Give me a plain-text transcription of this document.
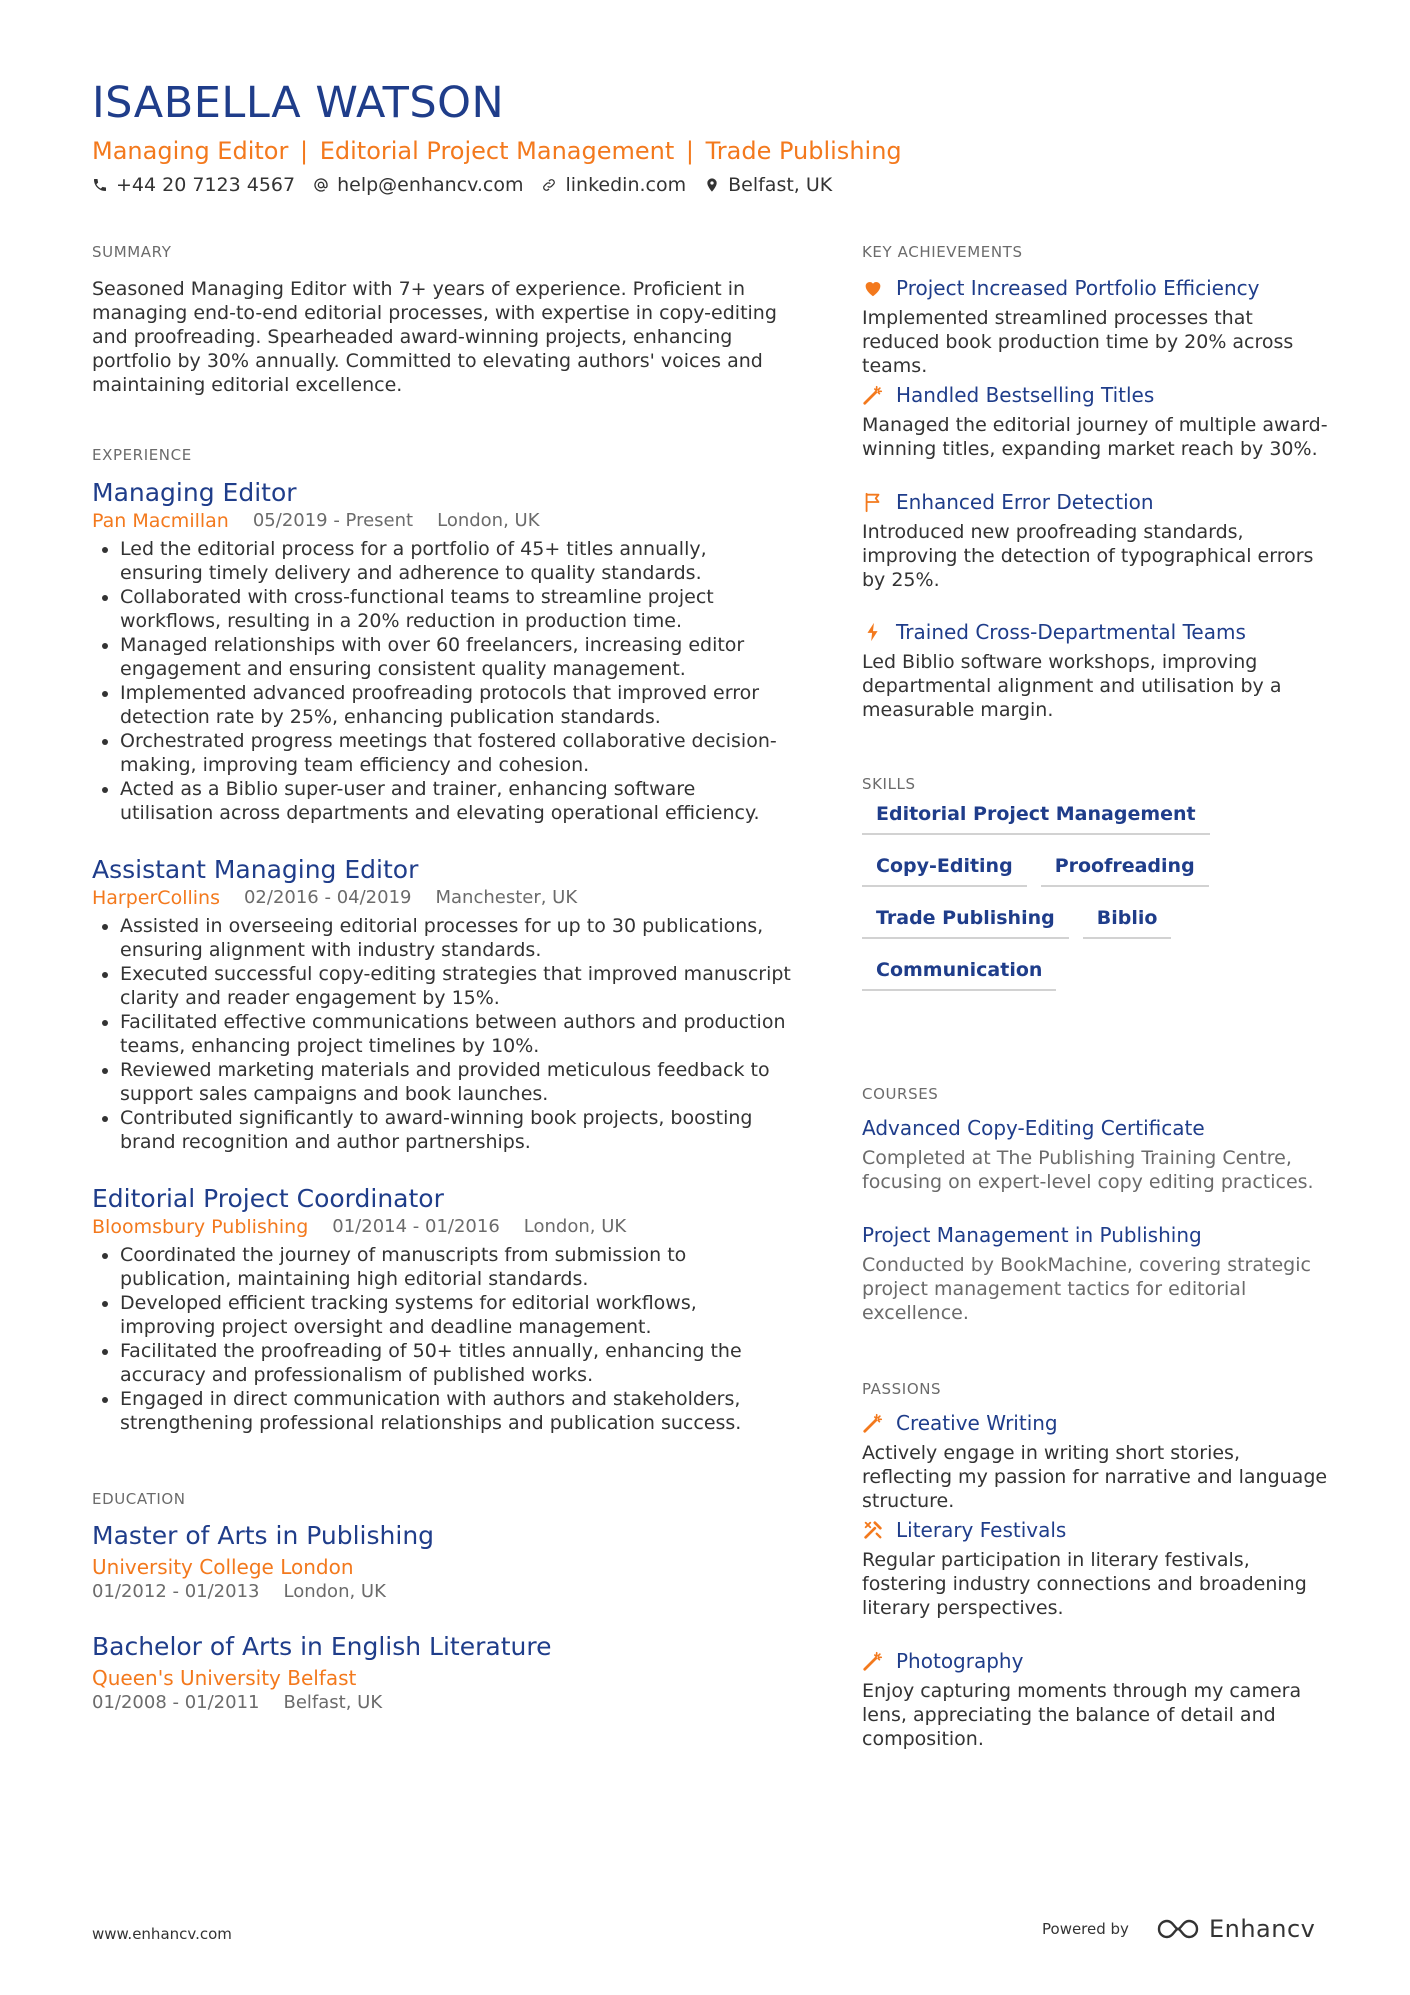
ISABELLA WATSON
Managing Editor | Editorial Project Management | Trade Publishing
+44 20 7123 4567 help@enhancv.com linkedin.com Belfast, UK
SUMMARY
Seasoned Managing Editor with 7+ years of experience. Proficient in managing end-to-end editorial processes, with expertise in copy-editing and proofreading. Spearheaded award-winning projects, enhancing portfolio by 30% annually. Committed to elevating authors' voices and maintaining editorial excellence.
EXPERIENCE
Managing Editor
Pan Macmillan 05/2019 - Present London, UK
• Led the editorial process for a portfolio of 45+ titles annually, ensuring timely delivery and adherence to quality standards.
• Collaborated with cross-functional teams to streamline project workflows, resulting in a 20% reduction in production time.
• Managed relationships with over 60 freelancers, increasing editor engagement and ensuring consistent quality management.
• Implemented advanced proofreading protocols that improved error detection rate by 25%, enhancing publication standards.
• Orchestrated progress meetings that fostered collaborative decision-making, improving team efficiency and cohesion.
• Acted as a Biblio super-user and trainer, enhancing software utilisation across departments and elevating operational efficiency.
Assistant Managing Editor
HarperCollins 02/2016 - 04/2019 Manchester, UK
• Assisted in overseeing editorial processes for up to 30 publications, ensuring alignment with industry standards.
• Executed successful copy-editing strategies that improved manuscript clarity and reader engagement by 15%.
• Facilitated effective communications between authors and production teams, enhancing project timelines by 10%.
• Reviewed marketing materials and provided meticulous feedback to support sales campaigns and book launches.
• Contributed significantly to award-winning book projects, boosting brand recognition and author partnerships.
Editorial Project Coordinator
Bloomsbury Publishing 01/2014 - 01/2016 London, UK
• Coordinated the journey of manuscripts from submission to publication, maintaining high editorial standards.
• Developed efficient tracking systems for editorial workflows, improving project oversight and deadline management.
• Facilitated the proofreading of 50+ titles annually, enhancing the accuracy and professionalism of published works.
• Engaged in direct communication with authors and stakeholders, strengthening professional relationships and publication success.
EDUCATION
Master of Arts in Publishing
University College London
01/2012 - 01/2013 London, UK
Bachelor of Arts in English Literature
Queen's University Belfast
01/2008 - 01/2011 Belfast, UK
KEY ACHIEVEMENTS
Project Increased Portfolio Efficiency
Implemented streamlined processes that reduced book production time by 20% across teams.
Handled Bestselling Titles
Managed the editorial journey of multiple award-winning titles, expanding market reach by 30%.
Enhanced Error Detection
Introduced new proofreading standards, improving the detection of typographical errors by 25%.
Trained Cross-Departmental Teams
Led Biblio software workshops, improving departmental alignment and utilisation by a measurable margin.
SKILLS
Editorial Project Management
Copy-Editing	Proofreading
Trade Publishing	Biblio
Communication
COURSES
Advanced Copy-Editing Certificate
Completed at The Publishing Training Centre, focusing on expert-level copy editing practices.
Project Management in Publishing
Conducted by BookMachine, covering strategic project management tactics for editorial excellence.
PASSIONS
Creative Writing
Actively engage in writing short stories, reflecting my passion for narrative and language structure.
Literary Festivals
Regular participation in literary festivals, fostering industry connections and broadening literary perspectives.
Photography
Enjoy capturing moments through my camera lens, appreciating the balance of detail and composition.
www.enhancv.com	Powered by	Enhancv
